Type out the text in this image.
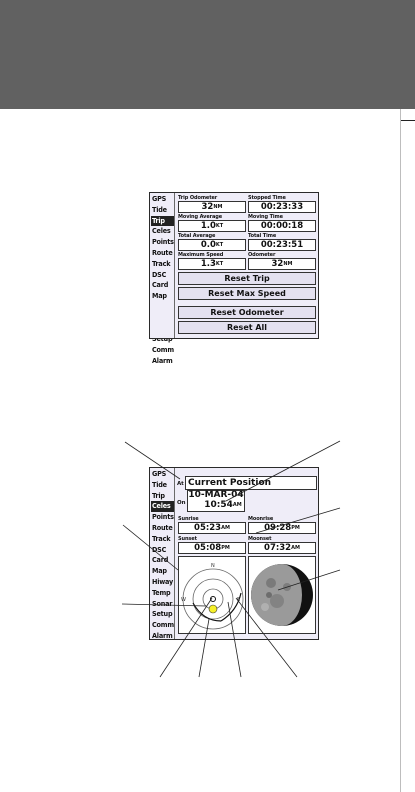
GPS
Tide
Trip
Celes
Points
Route
Track
DSC
Card
Map
Comm
Alarm
Trip Odometer
$32^{NM}$
Stopped Time
00:23:33
Moving Average
$1.0^{KT}$
Moving Time
00:00:18
Total Average
$0.0^{KT}$
Total Time
00:23:51
Maximum Speed
$1.3^{KT}$
Odometer
$32^{NM}$
Reset Trip
Reset Max Speed
Reset Odometer
Reset All
GPS
Tide
Trip
Celes
Points
Route
Track
DSC
Card
Map
Hiway
Temp
Sonar
Setup
Comm
Alarm
At Current Position
On
10-MAR-04
$10:54^{AM}$
Sunrise
$05:23^{AM}$
Moonrise
$09:28^{PM}$
Sunset
$05:08^{PM}$
Moonset
$07:32^{AM}$
N
E
W
